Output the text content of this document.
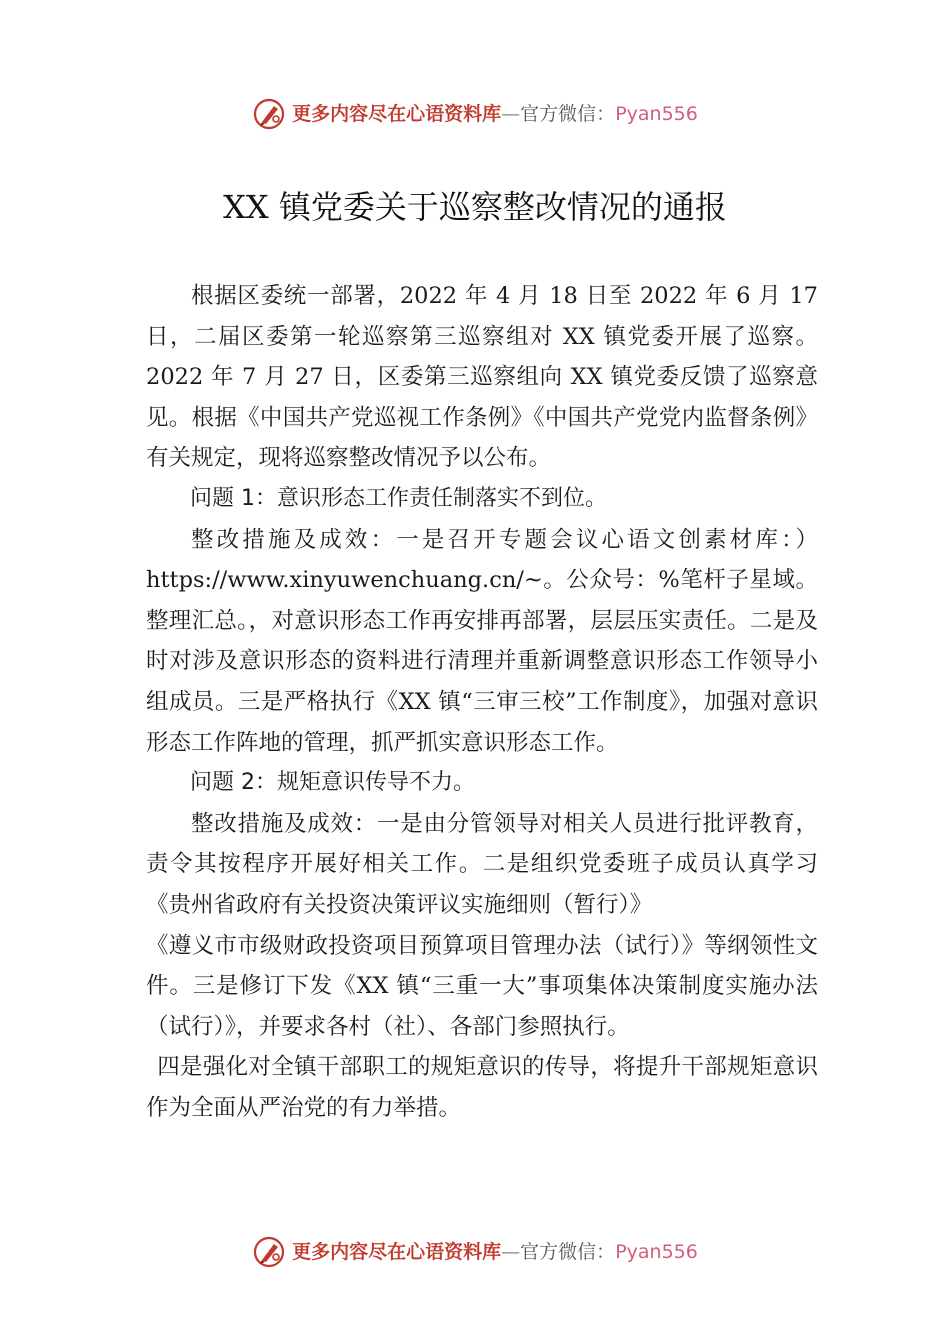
更多内容尽在心语资料库 — 官方微信： Pyan556
XX 镇党委关于巡察整改情况的通报

根据区委统一部署，2022 年 4 月 18 日至 2022 年 6 月 17 日，二届区委第一轮巡察第三巡察组对 XX 镇党委开展了巡察。2022 年 7 月 27 日，区委第三巡察组向 XX 镇党委反馈了巡察意见。根据《中国共产党巡视工作条例》《中国共产党党内监督条例》有关规定，现将巡察整改情况予以公布。

问题 1：意识形态工作责任制落实不到位。

整改措施及成效：一是召开专题会议心语文创素材库：）https://www.xinyuwenchuang.cn/~。公众号：%笔杆子星域。整理汇总。，对意识形态工作再安排再部署，层层压实责任。二是及时对涉及意识形态的资料进行清理并重新调整意识形态工作领导小组成员。三是严格执行《XX 镇“三审三校”工作制度》，加强对意识形态工作阵地的管理，抓严抓实意识形态工作。

问题 2：规矩意识传导不力。

整改措施及成效：一是由分管领导对相关人员进行批评教育，责令其按程序开展好相关工作。二是组织党委班子成员认真学习《贵州省政府有关投资决策评议实施细则（暂行）》

《遵义市市级财政投资项目预算项目管理办法（试行）》等纲领性文件。三是修订下发《XX 镇“三重一大”事项集体决策制度实施办法（试行）》，并要求各村（社）、各部门参照执行。

四是强化对全镇干部职工的规矩意识的传导，将提升干部规矩意识作为全面从严治党的有力举措。

更多内容尽在心语资料库 — 官方微信： Pyan556
